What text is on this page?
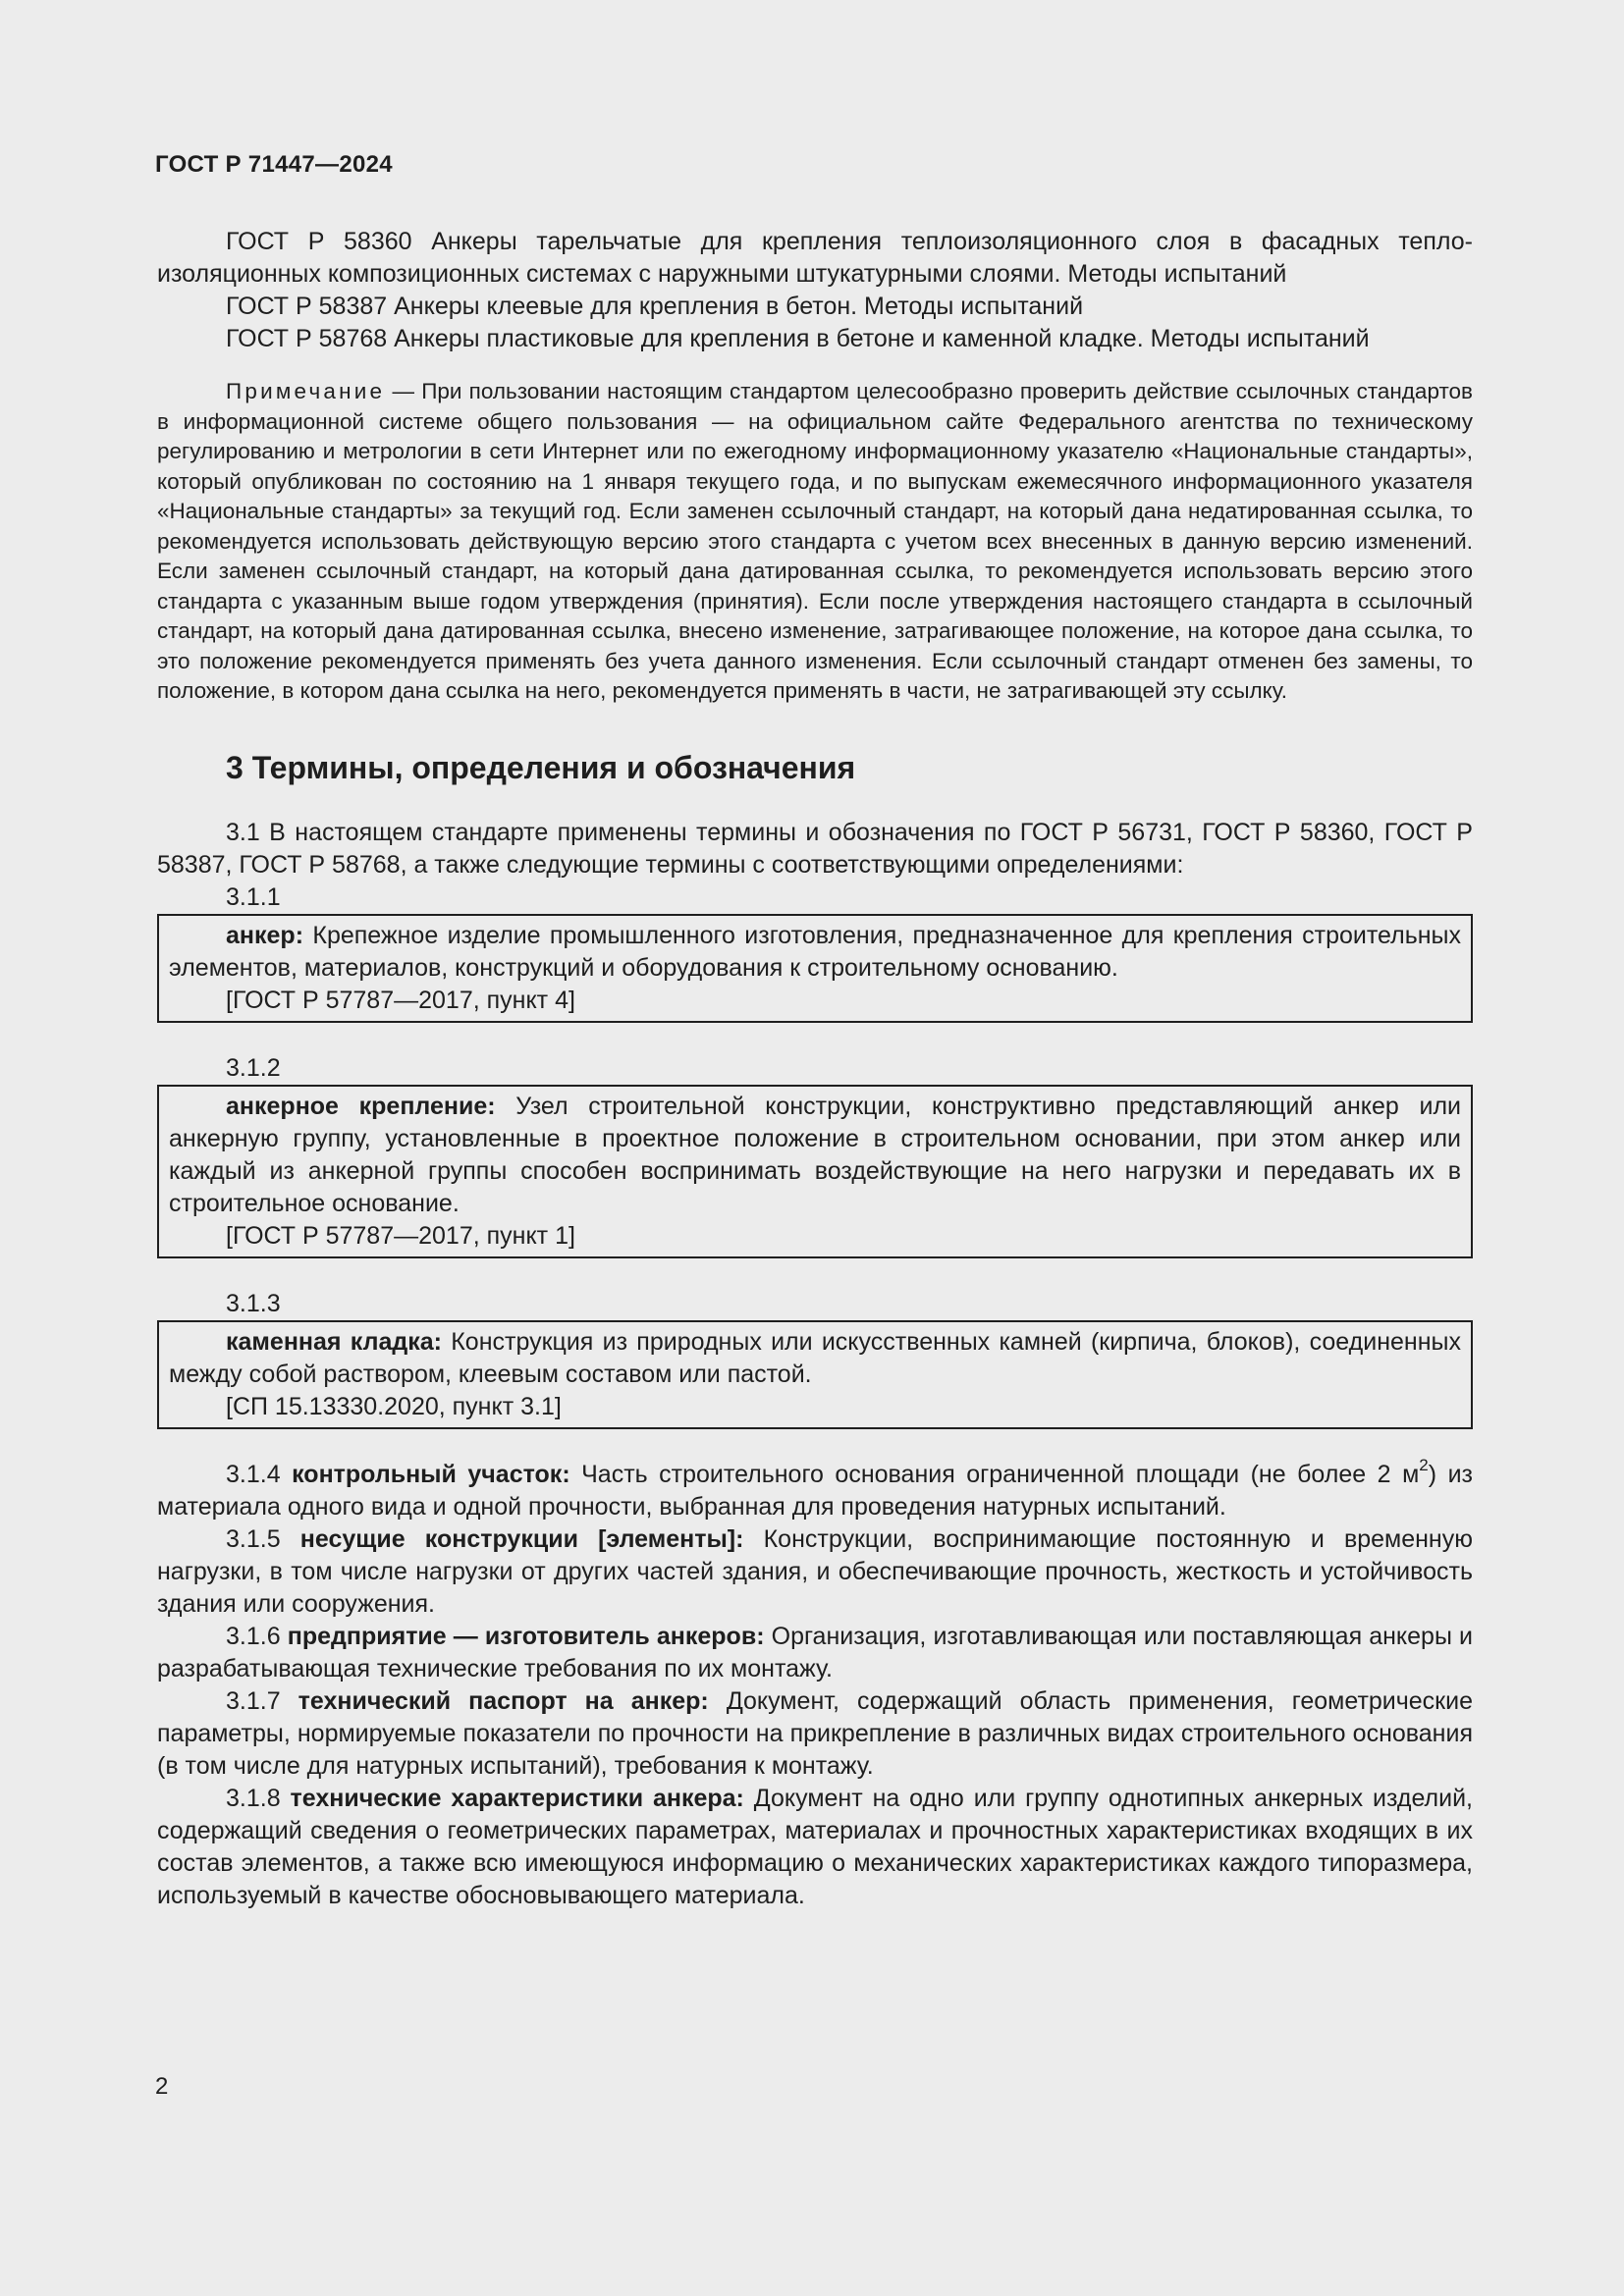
ГОСТ Р 71447—2024

ГОСТ Р 58360 Анкеры тарельчатые для крепления теплоизоляционного слоя в фасадных теплоизоляционных композиционных системах с наружными штукатурными слоями. Методы испытаний

ГОСТ Р 58387 Анкеры клеевые для крепления в бетон. Методы испытаний

ГОСТ Р 58768 Анкеры пластиковые для крепления в бетоне и каменной кладке. Методы испытаний

Примечание — При пользовании настоящим стандартом целесообразно проверить действие ссылочных стандартов в информационной системе общего пользования — на официальном сайте Федерального агентства по техническому регулированию и метрологии в сети Интернет или по ежегодному информационному указателю «Национальные стандарты», который опубликован по состоянию на 1 января текущего года, и по выпускам ежемесячного информационного указателя «Национальные стандарты» за текущий год. Если заменен ссылочный стандарт, на который дана недатированная ссылка, то рекомендуется использовать действующую версию этого стандарта с учетом всех внесенных в данную версию изменений. Если заменен ссылочный стандарт, на который дана датированная ссылка, то рекомендуется использовать версию этого стандарта с указанным выше годом утверждения (принятия). Если после утверждения настоящего стандарта в ссылочный стандарт, на который дана датированная ссылка, внесено изменение, затрагивающее положение, на которое дана ссылка, то это положение рекомендуется применять без учета данного изменения. Если ссылочный стандарт отменен без замены, то положение, в котором дана ссылка на него, рекомендуется применять в части, не затрагивающей эту ссылку.

3 Термины, определения и обозначения

3.1 В настоящем стандарте применены термины и обозначения по ГОСТ Р 56731, ГОСТ Р 58360, ГОСТ Р 58387, ГОСТ Р 58768, а также следующие термины с соответствующими определениями:

3.1.1

анкер: Крепежное изделие промышленного изготовления, предназначенное для крепления строительных элементов, материалов, конструкций и оборудования к строительному основанию.

[ГОСТ Р 57787—2017, пункт 4]

3.1.2

анкерное крепление: Узел строительной конструкции, конструктивно представляющий анкер или анкерную группу, установленные в проектное положение в строительном основании, при этом анкер или каждый из анкерной группы способен воспринимать воздействующие на него нагрузки и передавать их в строительное основание.

[ГОСТ Р 57787—2017, пункт 1]

3.1.3

каменная кладка: Конструкция из природных или искусственных камней (кирпича, блоков), соединенных между собой раствором, клеевым составом или пастой.

[СП 15.13330.2020, пункт 3.1]

3.1.4 контрольный участок: Часть строительного основания ограниченной площади (не более 2 $м^2$) из материала одного вида и одной прочности, выбранная для проведения натурных испытаний.

3.1.5 несущие конструкции [элементы]: Конструкции, воспринимающие постоянную и временную нагрузки, в том числе нагрузки от других частей здания, и обеспечивающие прочность, жесткость и устойчивость здания или сооружения.

3.1.6 предприятие — изготовитель анкеров: Организация, изготавливающая или поставляющая анкеры и разрабатывающая технические требования по их монтажу.

3.1.7 технический паспорт на анкер: Документ, содержащий область применения, геометрические параметры, нормируемые показатели по прочности на прикрепление в различных видах строительного основания (в том числе для натурных испытаний), требования к монтажу.

3.1.8 технические характеристики анкера: Документ на одно или группу однотипных анкерных изделий, содержащий сведения о геометрических параметрах, материалах и прочностных характеристиках входящих в их состав элементов, а также всю имеющуюся информацию о механических характеристиках каждого типоразмера, используемый в качестве обосновывающего материала.

2
